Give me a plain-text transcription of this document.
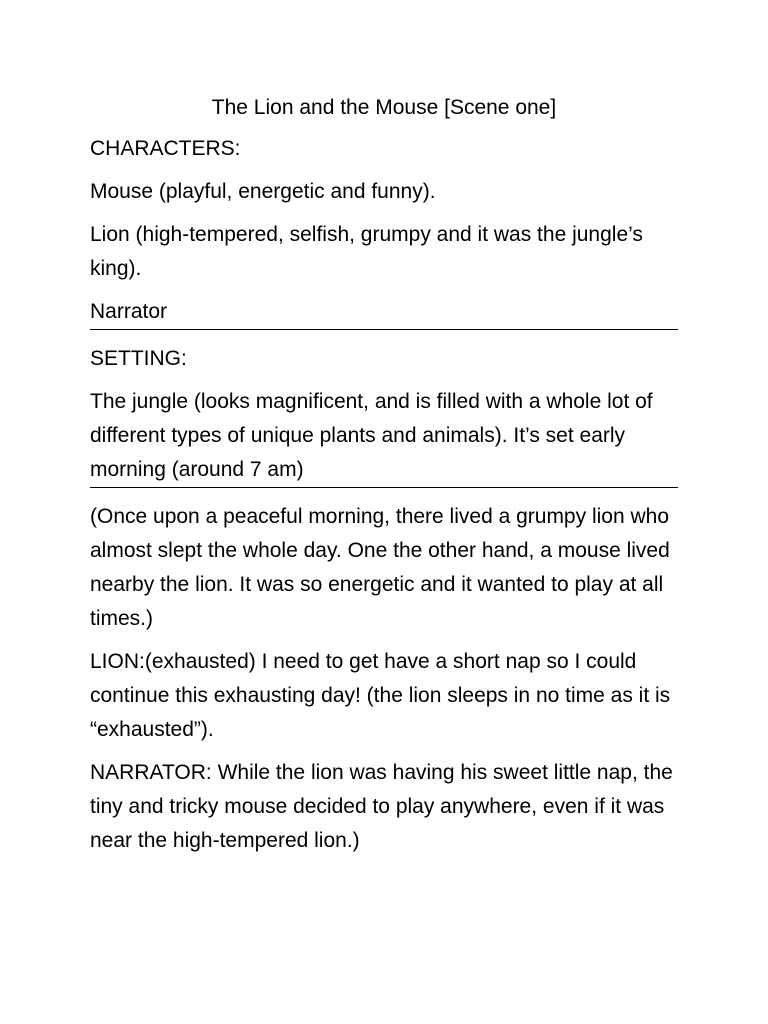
The Lion and the Mouse [Scene one]

CHARACTERS:

Mouse (playful, energetic and funny).

Lion (high-tempered, selfish, grumpy and it was the jungle’s king).

Narrator

SETTING:

The jungle (looks magnificent, and is filled with a whole lot of different types of unique plants and animals). It’s set early morning (around 7 am)

(Once upon a peaceful morning, there lived a grumpy lion who almost slept the whole day. One the other hand, a mouse lived nearby the lion. It was so energetic and it wanted to play at all times.)

LION:(exhausted) I need to get have a short nap so I could continue this exhausting day! (the lion sleeps in no time as it is “exhausted”).

NARRATOR: While the lion was having his sweet little nap, the tiny and tricky mouse decided to play anywhere, even if it was near the high-tempered lion.)
